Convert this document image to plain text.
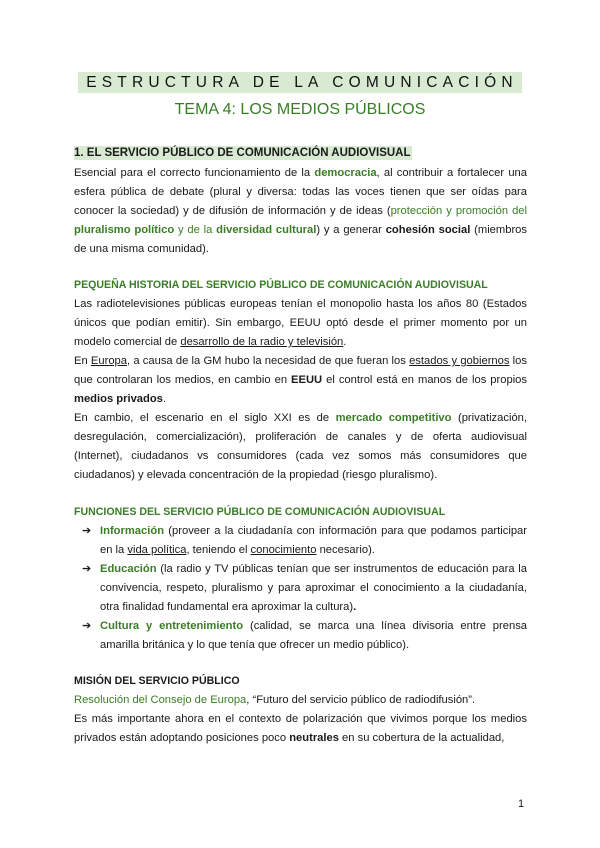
ESTRUCTURA DE LA COMUNICACIÓN
TEMA 4: LOS MEDIOS PÚBLICOS
1. EL SERVICIO PÚBLICO DE COMUNICACIÓN AUDIOVISUAL

Esencial para el correcto funcionamiento de la democracia, al contribuir a fortalecer una esfera pública de debate (plural y diversa: todas las voces tienen que ser oídas para conocer la sociedad) y de difusión de información y de ideas (protección y promoción del pluralismo político y de la diversidad cultural) y a generar cohesión social (miembros de una misma comunidad).

PEQUEÑA HISTORIA DEL SERVICIO PÚBLICO DE COMUNICACIÓN AUDIOVISUAL

Las radiotelevisiones públicas europeas tenían el monopolio hasta los años 80 (Estados únicos que podían emitir). Sin embargo, EEUU optó desde el primer momento por un modelo comercial de desarrollo de la radio y televisión.

En Europa, a causa de la GM hubo la necesidad de que fueran los estados y gobiernos los que controlaran los medios, en cambio en EEUU el control está en manos de los propios medios privados.

En cambio, el escenario en el siglo XXI es de mercado competitivo (privatización, desregulación, comercialización), proliferación de canales y de oferta audiovisual (Internet), ciudadanos vs consumidores (cada vez somos más consumidores que ciudadanos) y elevada concentración de la propiedad (riesgo pluralismo).

FUNCIONES DEL SERVICIO PÚBLICO DE COMUNICACIÓN AUDIOVISUAL
➔ Información (proveer a la ciudadanía con información para que podamos participar en la vida política, teniendo el conocimiento necesario).
➔ Educación (la radio y TV públicas tenían que ser instrumentos de educación para la convivencia, respeto, pluralismo y para aproximar el conocimiento a la ciudadanía, otra finalidad fundamental era aproximar la cultura).
➔ Cultura y entretenimiento (calidad, se marca una línea divisoria entre prensa amarilla británica y lo que tenía que ofrecer un medio público).
MISIÓN DEL SERVICIO PÚBLICO

Resolución del Consejo de Europa, “Futuro del servicio público de radiodifusión”.

Es más importante ahora en el contexto de polarización que vivimos porque los medios privados están adoptando posiciones poco neutrales en su cobertura de la actualidad,

1
